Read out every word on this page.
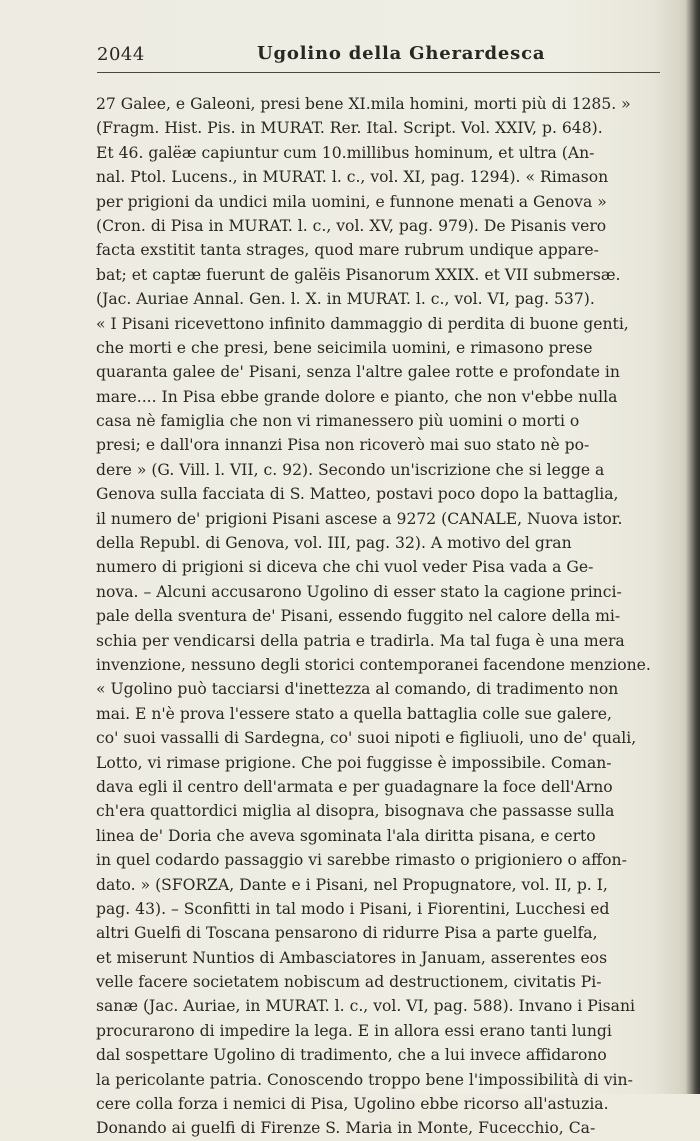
2044	Ugolino della Gherardesca
27 Galee, e Galeoni, presi bene XI.mila homini, morti più di 1285. »
(Fragm. Hist. Pis. in MURAT. Rer. Ital. Script. Vol. XXIV, p. 648).
Et 46. galëæ capiuntur cum 10.millibus hominum, et ultra (An-
nal. Ptol. Lucens., in MURAT. l. c., vol. XI, pag. 1294). « Rimason
per prigioni da undici mila uomini, e funnone menati a Genova »
(Cron. di Pisa in MURAT. l. c., vol. XV, pag. 979). De Pisanis vero
facta exstitit tanta strages, quod mare rubrum undique appare-
bat; et captæ fuerunt de galëis Pisanorum XXIX. et VII submersæ.
(Jac. Auriae Annal. Gen. l. X. in MURAT. l. c., vol. VI, pag. 537).
« I Pisani ricevettono infinito dammaggio di perdita di buone genti,
che morti e che presi, bene seicimila uomini, e rimasono prese
quaranta galee de' Pisani, senza l'altre galee rotte e profondate in
mare.... In Pisa ebbe grande dolore e pianto, che non v'ebbe nulla
casa nè famiglia che non vi rimanessero più uomini o morti o
presi; e dall'ora innanzi Pisa non ricoverò mai suo stato nè po-
dere » (G. Vill. l. VII, c. 92). Secondo un'iscrizione che si legge a
Genova sulla facciata di S. Matteo, postavi poco dopo la battaglia,
il numero de' prigioni Pisani ascese a 9272 (CANALE, Nuova istor.
della Republ. di Genova, vol. III, pag. 32). A motivo del gran
numero di prigioni si diceva che chi vuol veder Pisa vada a Ge-
nova. – Alcuni accusarono Ugolino di esser stato la cagione princi-
pale della sventura de' Pisani, essendo fuggito nel calore della mi-
schia per vendicarsi della patria e tradirla. Ma tal fuga è una mera
invenzione, nessuno degli storici contemporanei facendone menzione.
« Ugolino può tacciarsi d'inettezza al comando, di tradimento non
mai. E n'è prova l'essere stato a quella battaglia colle sue galere,
co' suoi vassalli di Sardegna, co' suoi nipoti e figliuoli, uno de' quali,
Lotto, vi rimase prigione. Che poi fuggisse è impossibile. Coman-
dava egli il centro dell'armata e per guadagnare la foce dell'Arno
ch'era quattordici miglia al disopra, bisognava che passasse sulla
linea de' Doria che aveva sgominata l'ala diritta pisana, e certo
in quel codardo passaggio vi sarebbe rimasto o prigioniero o affon-
dato. » (SFORZA, Dante e i Pisani, nel Propugnatore, vol. II, p. I,
pag. 43). – Sconfitti in tal modo i Pisani, i Fiorentini, Lucchesi ed
altri Guelfi di Toscana pensarono di ridurre Pisa a parte guelfa,
et miserunt Nuntios di Ambasciatores in Januam, asserentes eos
velle facere societatem nobiscum ad destructionem, civitatis Pi-
sanæ (Jac. Auriae, in MURAT. l. c., vol. VI, pag. 588). Invano i Pisani
procurarono di impedire la lega. E in allora essi erano tanti lungi
dal sospettare Ugolino di tradimento, che a lui invece affidarono
la pericolante patria. Conoscendo troppo bene l'impossibilità di vin-
cere colla forza i nemici di Pisa, Ugolino ebbe ricorso all'astuzia.
Donando ai guelfi di Firenze S. Maria in Monte, Fucecchio, Ca-
